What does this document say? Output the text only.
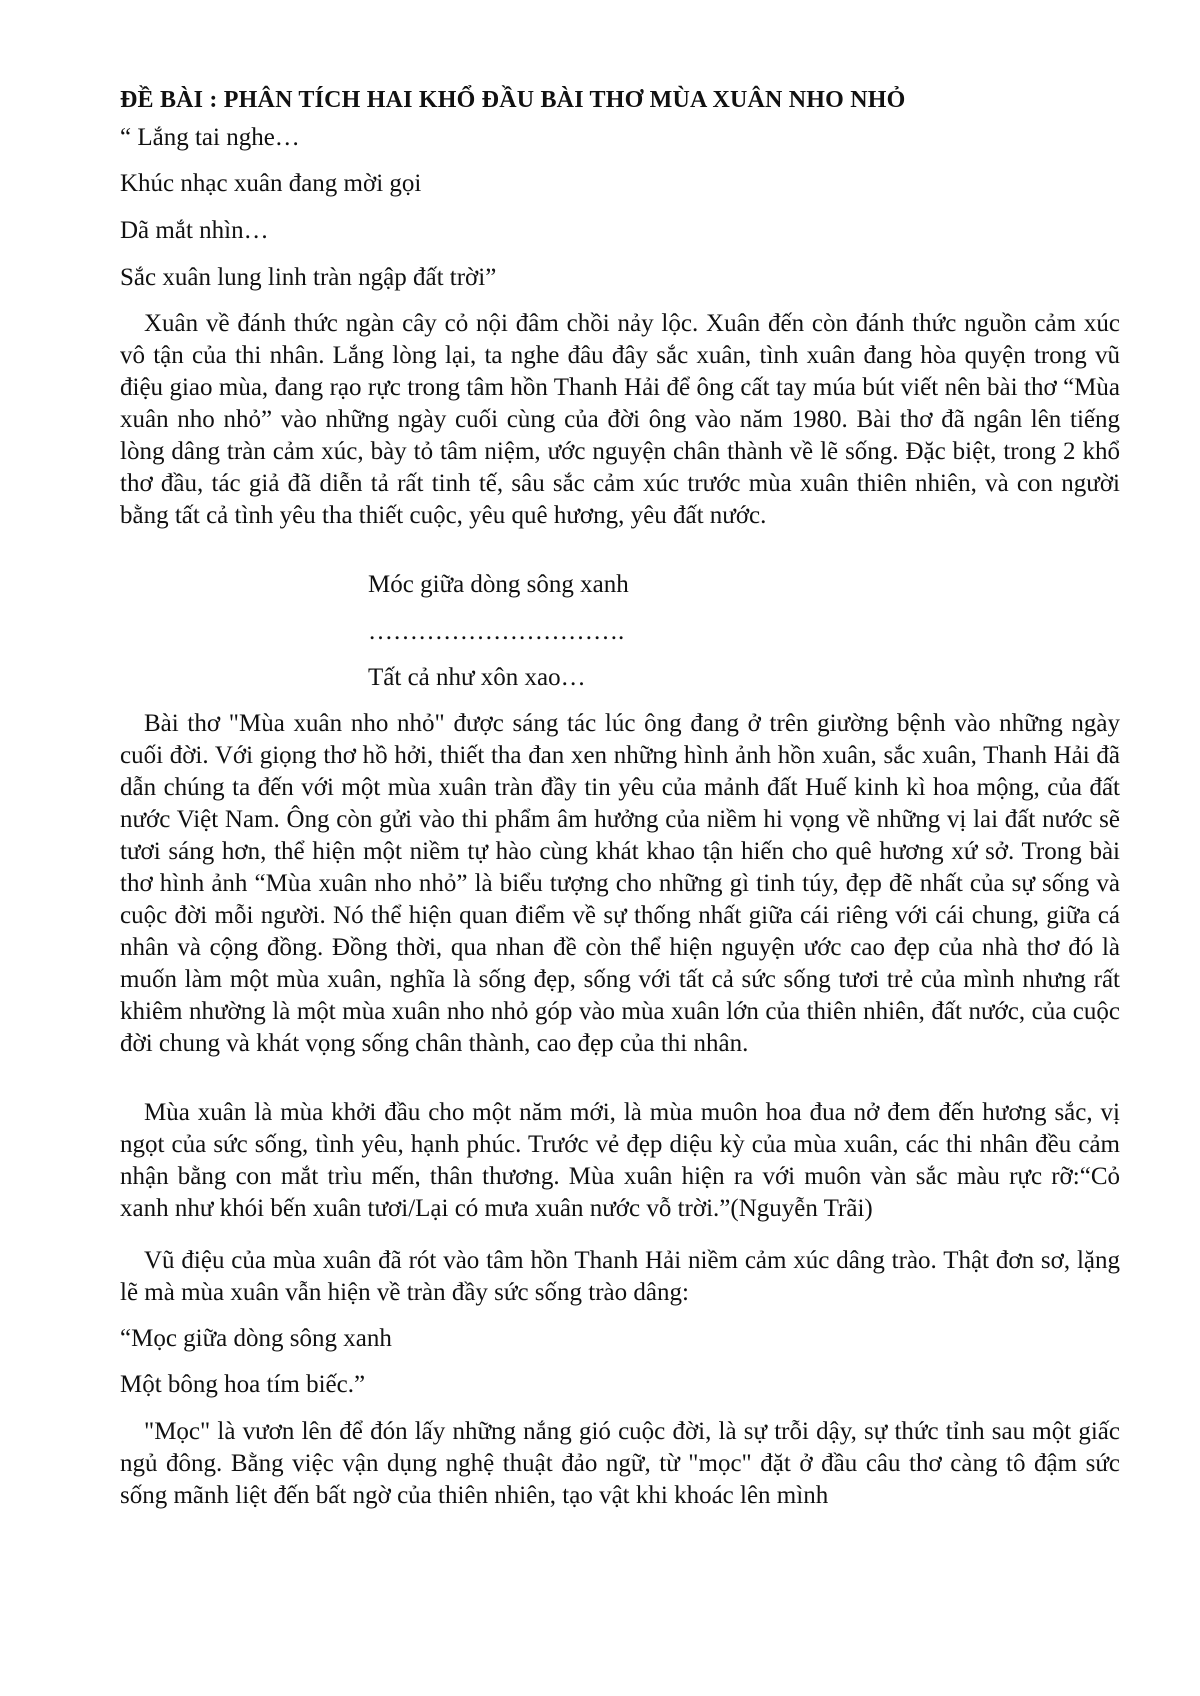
ĐỀ BÀI : PHÂN TÍCH HAI KHỔ ĐẦU BÀI THƠ MÙA XUÂN NHO NHỎ
“ Lắng tai nghe…
Khúc nhạc xuân đang mời gọi
Dã mắt nhìn…
Sắc xuân lung linh tràn ngập đất trời”

Xuân về đánh thức ngàn cây cỏ nội đâm chồi nảy lộc. Xuân đến còn đánh thức nguồn cảm xúc vô tận của thi nhân. Lắng lòng lại, ta nghe đâu đây sắc xuân, tình xuân đang hòa quyện trong vũ điệu giao mùa, đang rạo rực trong tâm hồn Thanh Hải để ông cất tay múa bút viết nên bài thơ “Mùa xuân nho nhỏ” vào những ngày cuối cùng của đời ông vào năm 1980. Bài thơ đã ngân lên tiếng lòng dâng tràn cảm xúc, bày tỏ tâm niệm, ước nguyện chân thành về lẽ sống. Đặc biệt, trong 2 khổ thơ đầu, tác giả đã diễn tả rất tinh tế, sâu sắc cảm xúc trước mùa xuân thiên nhiên, và con người bằng tất cả tình yêu tha thiết cuộc, yêu quê hương, yêu đất nước.

Móc giữa dòng sông xanh
………………………….
Tất cả như xôn xao…

Bài thơ "Mùa xuân nho nhỏ" được sáng tác lúc ông đang ở trên giường bệnh vào những ngày cuối đời. Với giọng thơ hồ hởi, thiết tha đan xen những hình ảnh hồn xuân, sắc xuân, Thanh Hải đã dẫn chúng ta đến với một mùa xuân tràn đầy tin yêu của mảnh đất Huế kinh kì hoa mộng, của đất nước Việt Nam. Ông còn gửi vào thi phẩm âm hưởng của niềm hi vọng về những vị lai đất nước sẽ tươi sáng hơn, thể hiện một niềm tự hào cùng khát khao tận hiến cho quê hương xứ sở. Trong bài thơ hình ảnh “Mùa xuân nho nhỏ” là biểu tượng cho những gì tinh túy, đẹp đẽ nhất của sự sống và cuộc đời mỗi người. Nó thể hiện quan điểm về sự thống nhất giữa cái riêng với cái chung, giữa cá nhân và cộng đồng. Đồng thời, qua nhan đề còn thể hiện nguyện ước cao đẹp của nhà thơ đó là muốn làm một mùa xuân, nghĩa là sống đẹp, sống với tất cả sức sống tươi trẻ của mình nhưng rất khiêm nhường là một mùa xuân nho nhỏ góp vào mùa xuân lớn của thiên nhiên, đất nước, của cuộc đời chung và khát vọng sống chân thành, cao đẹp của thi nhân.

Mùa xuân là mùa khởi đầu cho một năm mới, là mùa muôn hoa đua nở đem đến hương sắc, vị ngọt của sức sống, tình yêu, hạnh phúc. Trước vẻ đẹp diệu kỳ của mùa xuân, các thi nhân đều cảm nhận bằng con mắt trìu mến, thân thương. Mùa xuân hiện ra với muôn vàn sắc màu rực rỡ:“Cỏ xanh như khói bến xuân tươi/Lại có mưa xuân nước vỗ trời.”(Nguyễn Trãi)

Vũ điệu của mùa xuân đã rót vào tâm hồn Thanh Hải niềm cảm xúc dâng trào. Thật đơn sơ, lặng lẽ mà mùa xuân vẫn hiện về tràn đầy sức sống trào dâng:

“Mọc giữa dòng sông xanh
Một bông hoa tím biếc.”

"Mọc" là vươn lên để đón lấy những nắng gió cuộc đời, là sự trỗi dậy, sự thức tỉnh sau một giấc ngủ đông. Bằng việc vận dụng nghệ thuật đảo ngữ, từ "mọc" đặt ở đầu câu thơ càng tô đậm sức sống mãnh liệt đến bất ngờ của thiên nhiên, tạo vật khi khoác lên mình
